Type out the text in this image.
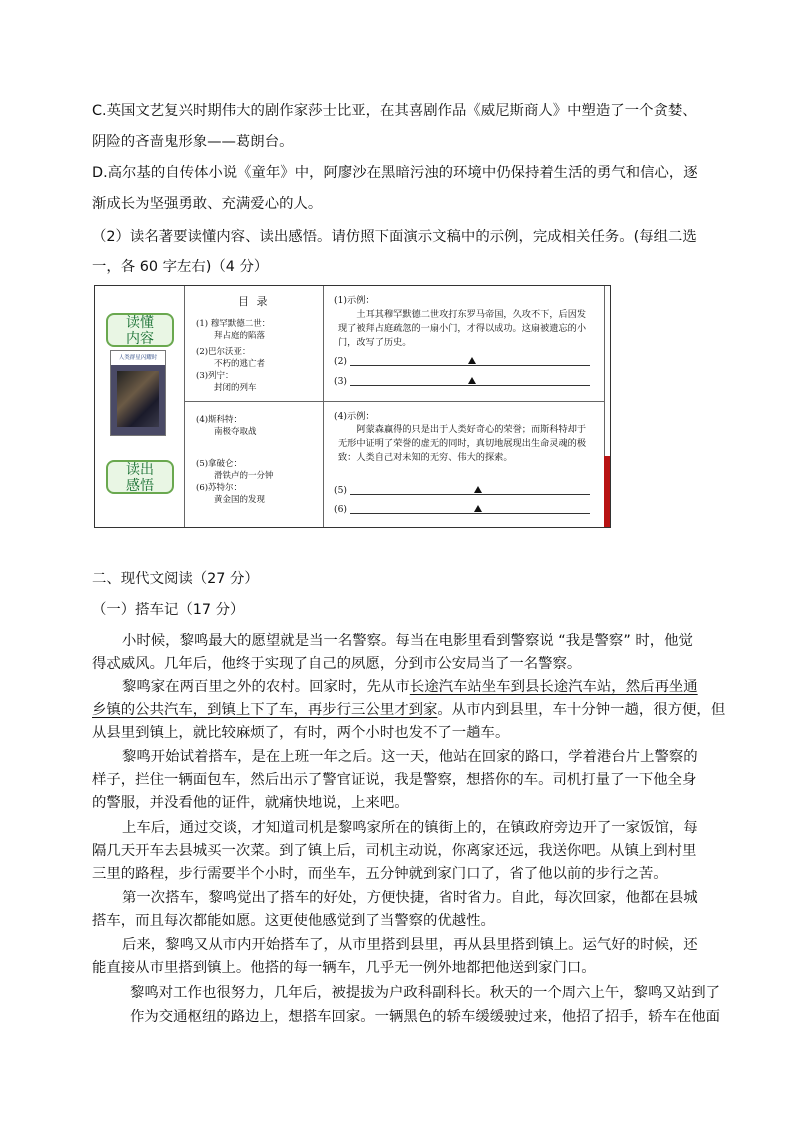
C.英国文艺复兴时期伟大的剧作家莎士比亚，在其喜剧作品《威尼斯商人》中塑造了一个贪婪、
阴险的吝啬鬼形象——葛朗台。
D.高尔基的自传体小说《童年》中，阿廖沙在黑暗污浊的环境中仍保持着生活的勇气和信心，逐
渐成长为坚强勇敢、充满爱心的人。
（2）读名著要读懂内容、读出感悟。请仿照下面演示文稿中的示例，完成相关任务。(每组二选
一，各 60 字左右)（4 分）
读懂
内容
读出
感悟
人类群星闪耀时
目 录
(1) 穆罕默德二世：
拜占庭的陷落
(2)巴尔沃亚：
不朽的逃亡者
(3)列宁：
封闭的列车
(4)斯科特：
南极夺取战
(5)拿破仑：
滑铁卢的一分钟
(6)苏特尔：
黄金国的发现
(1)示例：
土耳其穆罕默德二世攻打东罗马帝国，久攻不下，后因发现了被拜占庭疏忽的一扇小门，才得以成功。这扇被遗忘的小门，改写了历史。
(2)
(3)
(4)示例：
阿蒙森赢得的只是出于人类好奇心的荣誉；而斯科特却于无形中证明了荣誉的虚无的同时，真切地展现出生命灵魂的极致：人类自己对未知的无穷、伟大的探索。
(5)
(6)
二、现代文阅读（27 分）
（一）搭车记（17 分）
小时候，黎鸣最大的愿望就是当一名警察。每当在电影里看到警察说 “我是警察” 时，他觉
得忒威风。几年后，他终于实现了自己的夙愿，分到市公安局当了一名警察。
黎鸣家在两百里之外的农村。回家时，先从市长途汽车站坐车到县长途汽车站，然后再坐通
乡镇的公共汽车，到镇上下了车，再步行三公里才到家。从市内到县里，车十分钟一趟，很方便，但
从县里到镇上，就比较麻烦了，有时，两个小时也发不了一趟车。
黎鸣开始试着搭车，是在上班一年之后。这一天，他站在回家的路口，学着港台片上警察的
样子，拦住一辆面包车，然后出示了警官证说，我是警察，想搭你的车。司机打量了一下他全身
的警服，并没看他的证件，就痛快地说，上来吧。
上车后，通过交谈，才知道司机是黎鸣家所在的镇街上的，在镇政府旁边开了一家饭馆，每
隔几天开车去县城买一次菜。到了镇上后，司机主动说，你离家还远，我送你吧。从镇上到村里
三里的路程，步行需要半个小时，而坐车，五分钟就到家门口了，省了他以前的步行之苦。
第一次搭车，黎鸣觉出了搭车的好处，方便快捷，省时省力。自此，每次回家，他都在县城
搭车，而且每次都能如愿。这更使他感觉到了当警察的优越性。
后来，黎鸣又从市内开始搭车了，从市里搭到县里，再从县里搭到镇上。运气好的时候，还
能直接从市里搭到镇上。他搭的每一辆车，几乎无一例外地都把他送到家门口。
黎鸣对工作也很努力，几年后，被提拔为户政科副科长。秋天的一个周六上午，黎鸣又站到了
作为交通枢纽的路边上，想搭车回家。一辆黑色的轿车缓缓驶过来，他招了招手，轿车在他面
